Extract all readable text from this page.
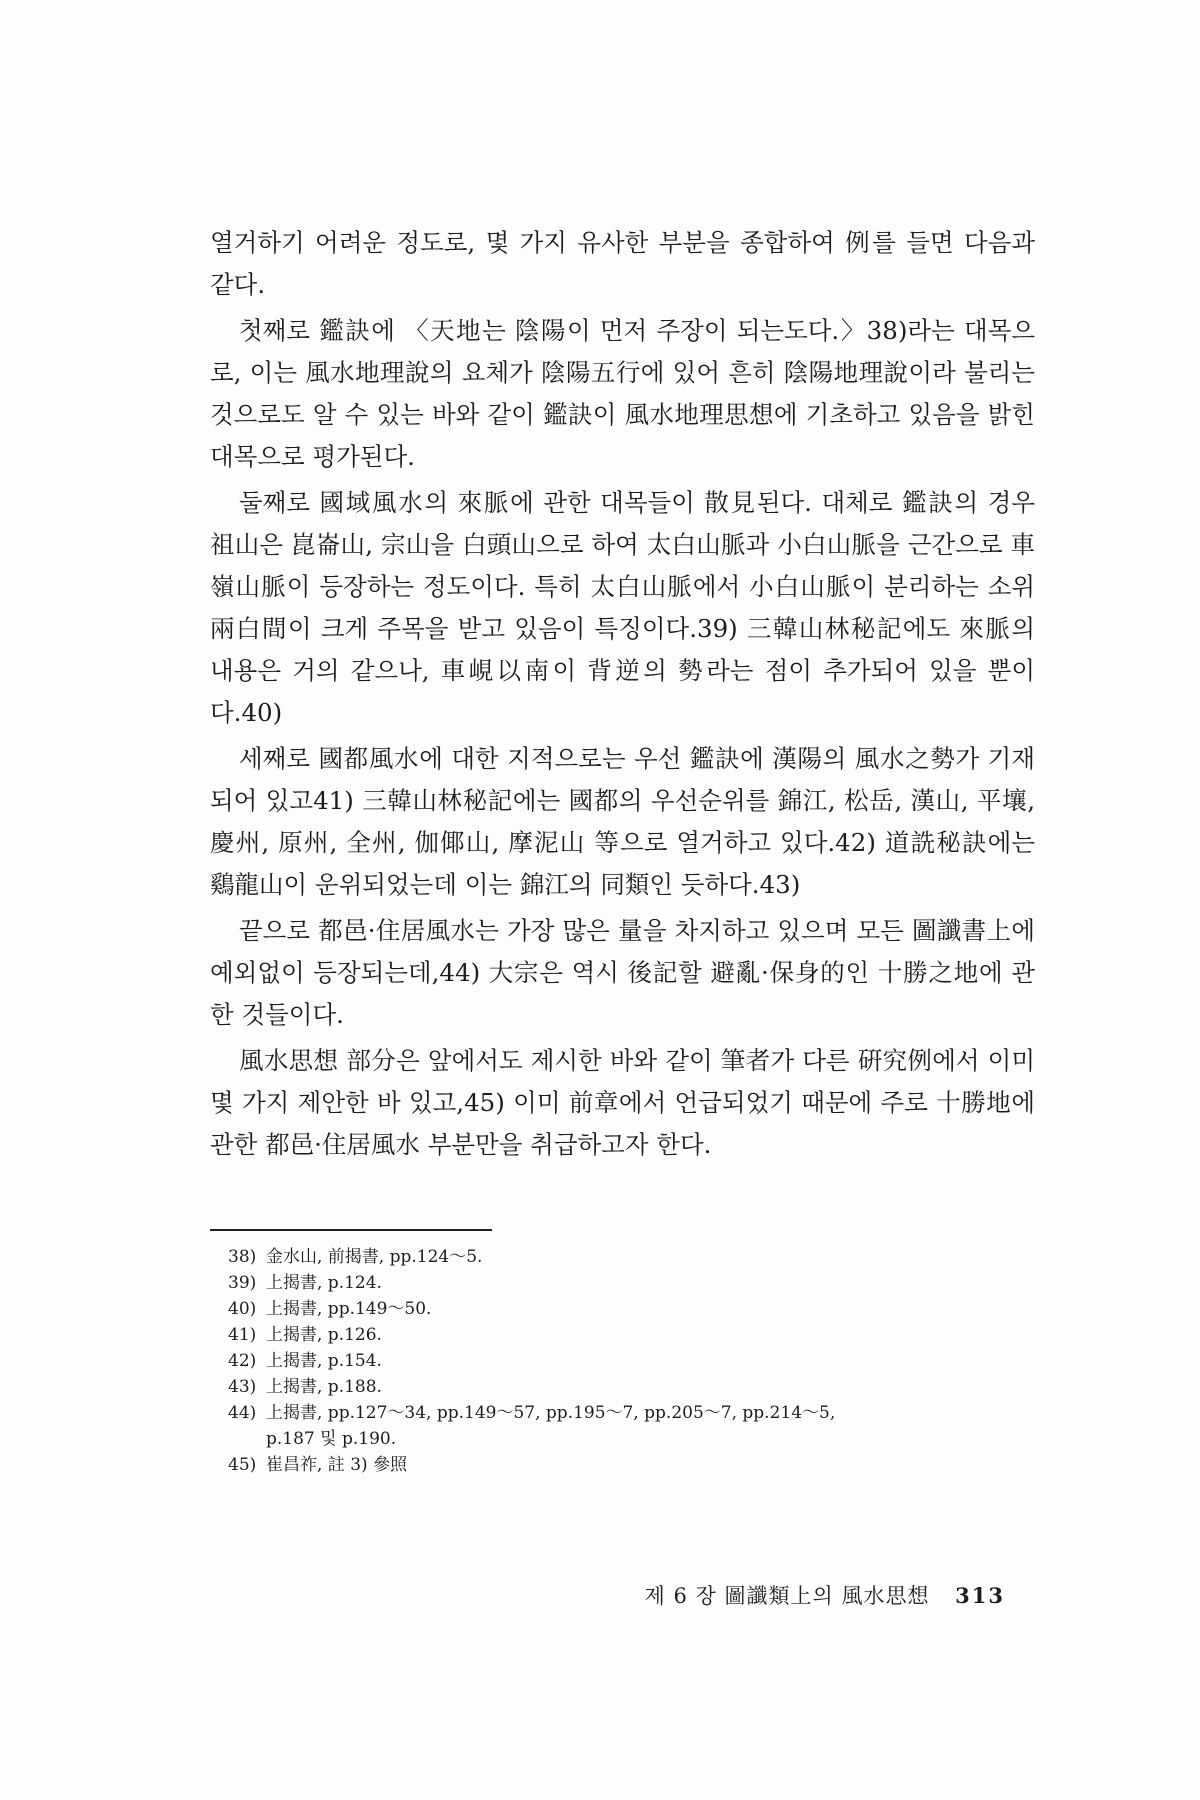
열거하기 어려운 정도로, 몇 가지 유사한 부분을 종합하여 例를 들면 다음과 같다.

첫째로 鑑訣에 〈天地는 陰陽이 먼저 주장이 되는도다.〉38)라는 대목으로, 이는 風水地理說의 요체가 陰陽五行에 있어 흔히 陰陽地理說이라 불리는 것으로도 알 수 있는 바와 같이 鑑訣이 風水地理思想에 기초하고 있음을 밝힌 대목으로 평가된다.

둘째로 國域風水의 來脈에 관한 대목들이 散見된다. 대체로 鑑訣의 경우 祖山은 崑崙山, 宗山을 白頭山으로 하여 太白山脈과 小白山脈을 근간으로 車嶺山脈이 등장하는 정도이다. 특히 太白山脈에서 小白山脈이 분리하는 소위 兩白間이 크게 주목을 받고 있음이 특징이다.39) 三韓山林秘記에도 來脈의 내용은 거의 같으나, 車峴以南이 背逆의 勢라는 점이 추가되어 있을 뿐이다.40)

세째로 國都風水에 대한 지적으로는 우선 鑑訣에 漢陽의 風水之勢가 기재되어 있고41) 三韓山林秘記에는 國都의 우선순위를 錦江, 松岳, 漢山, 平壤, 慶州, 原州, 全州, 伽倻山, 摩泥山 等으로 열거하고 있다.42) 道詵秘訣에는 鷄龍山이 운위되었는데 이는 錦江의 同類인 듯하다.43)

끝으로 都邑·住居風水는 가장 많은 量을 차지하고 있으며 모든 圖讖書上에 예외없이 등장되는데,44) 大宗은 역시 後記할 避亂·保身的인 十勝之地에 관한 것들이다.

風水思想 部分은 앞에서도 제시한 바와 같이 筆者가 다른 硏究例에서 이미 몇 가지 제안한 바 있고,45) 이미 前章에서 언급되었기 때문에 주로 十勝地에 관한 都邑·住居風水 부분만을 취급하고자 한다.

38) 金水山, 前揭書, pp.124～5.
39) 上揭書, p.124.
40) 上揭書, pp.149～50.
41) 上揭書, p.126.
42) 上揭書, p.154.
43) 上揭書, p.188.
44) 上揭書, pp.127～34, pp.149～57, pp.195～7, pp.205～7, pp.214～5,
p.187 및 p.190.
45) 崔昌祚, 註 3) 參照
제 6 장 圖讖類上의 風水思想 313
